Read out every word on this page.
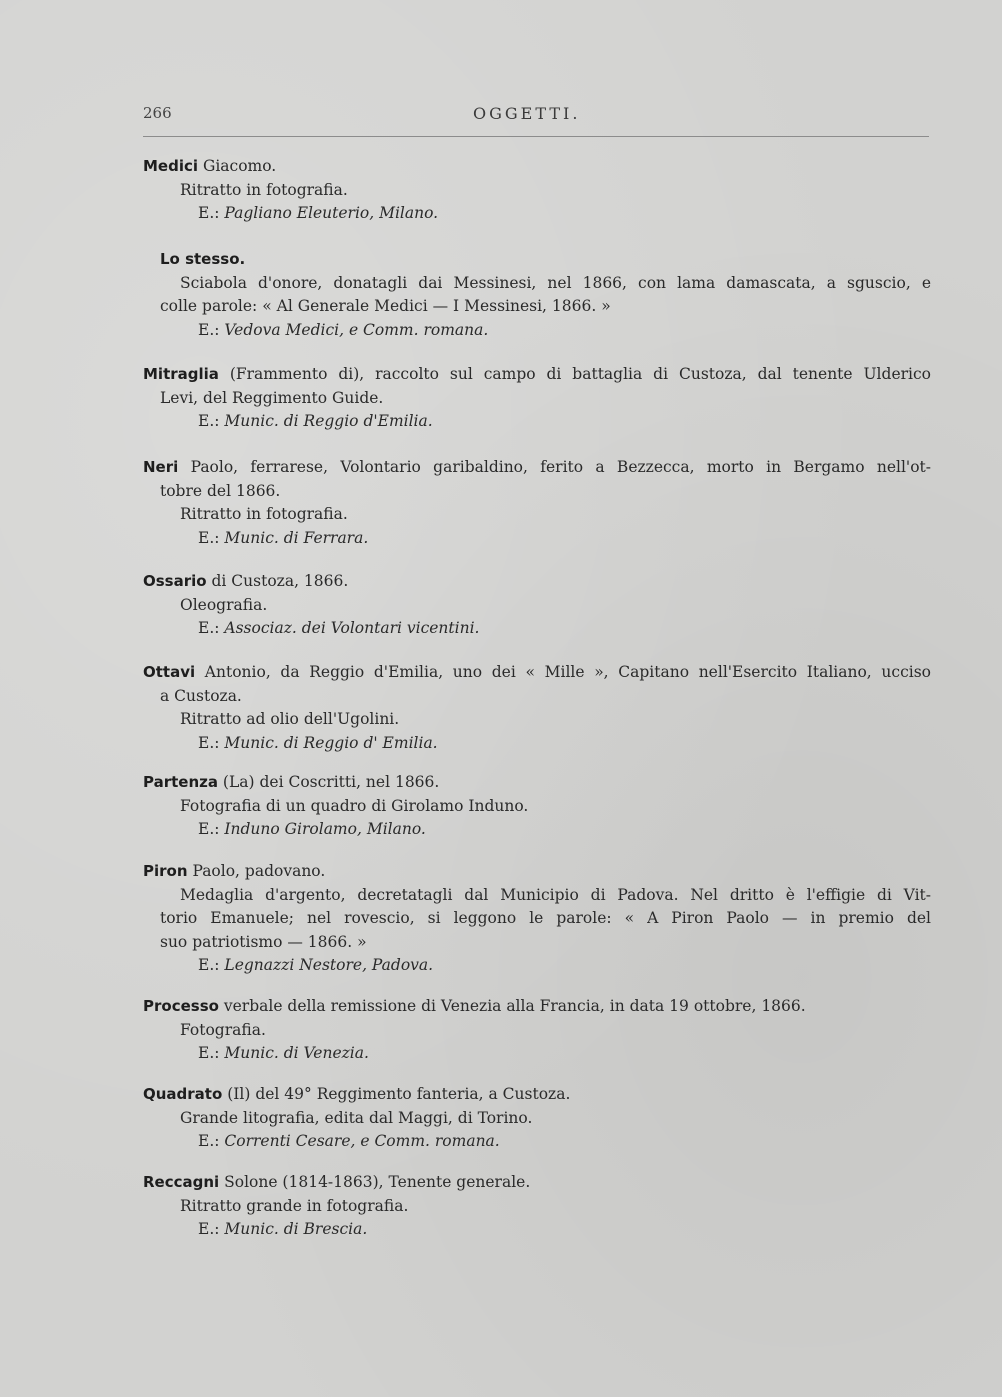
266	OGGETTI.
Medici Giacomo.
Ritratto in fotografia.
E.: Pagliano Eleuterio, Milano.
Lo stesso.
Sciabola d'onore, donatagli dai Messinesi, nel 1866, con lama damascata, a sguscio, e
colle parole: « Al Generale Medici — I Messinesi, 1866. »
E.: Vedova Medici, e Comm. romana.
Mitraglia (Frammento di), raccolto sul campo di battaglia di Custoza, dal tenente Ulderico
Levi, del Reggimento Guide.
E.: Munic. di Reggio d'Emilia.
Neri Paolo, ferrarese, Volontario garibaldino, ferito a Bezzecca, morto in Bergamo nell'ot-
tobre del 1866.
Ritratto in fotografia.
E.: Munic. di Ferrara.
Ossario di Custoza, 1866.
Oleografia.
E.: Associaz. dei Volontari vicentini.
Ottavi Antonio, da Reggio d'Emilia, uno dei « Mille », Capitano nell'Esercito Italiano, ucciso
a Custoza.
Ritratto ad olio dell'Ugolini.
E.: Munic. di Reggio d' Emilia.
Partenza (La) dei Coscritti, nel 1866.
Fotografia di un quadro di Girolamo Induno.
E.: Induno Girolamo, Milano.
Piron Paolo, padovano.
Medaglia d'argento, decretatagli dal Municipio di Padova. Nel dritto è l'effigie di Vit-
torio Emanuele; nel rovescio, si leggono le parole: « A Piron Paolo — in premio del
suo patriotismo — 1866. »
E.: Legnazzi Nestore, Padova.
Processo verbale della remissione di Venezia alla Francia, in data 19 ottobre, 1866.
Fotografia.
E.: Munic. di Venezia.
Quadrato (Il) del 49° Reggimento fanteria, a Custoza.
Grande litografia, edita dal Maggi, di Torino.
E.: Correnti Cesare, e Comm. romana.
Reccagni Solone (1814-1863), Tenente generale.
Ritratto grande in fotografia.
E.: Munic. di Brescia.
